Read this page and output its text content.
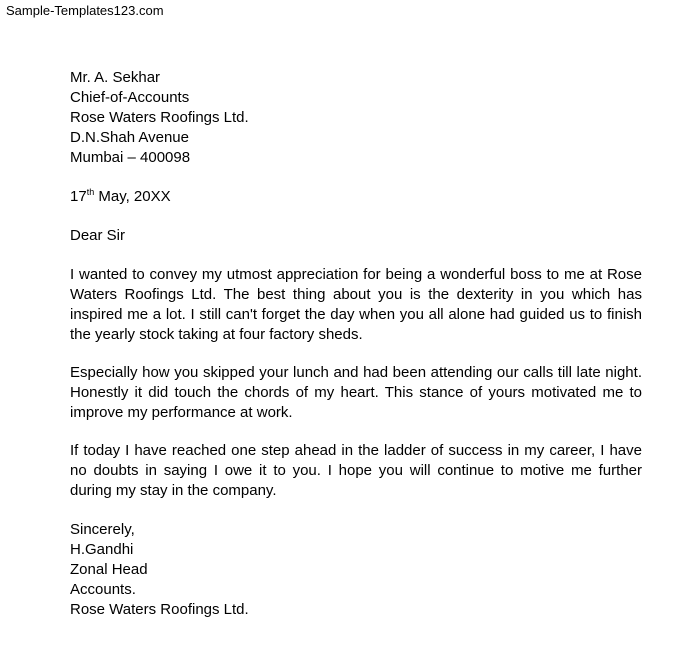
Sample-Templates123.com
Mr. A. Sekhar
Chief-of-Accounts
Rose Waters Roofings Ltd.
D.N.Shah Avenue
Mumbai – 400098
17th May, 20XX
Dear Sir

I wanted to convey my utmost appreciation for being a wonderful boss to me at Rose Waters Roofings Ltd. The best thing about you is the dexterity in you which has inspired me a lot. I still can't forget the day when you all alone had guided us to finish the yearly stock taking at four factory sheds.

Especially how you skipped your lunch and had been attending our calls till late night. Honestly it did touch the chords of my heart. This stance of yours motivated me to improve my performance at work.

If today I have reached one step ahead in the ladder of success in my career, I have no doubts in saying I owe it to you. I hope you will continue to motive me further during my stay in the company.

Sincerely,
H.Gandhi
Zonal Head
Accounts.
Rose Waters Roofings Ltd.
